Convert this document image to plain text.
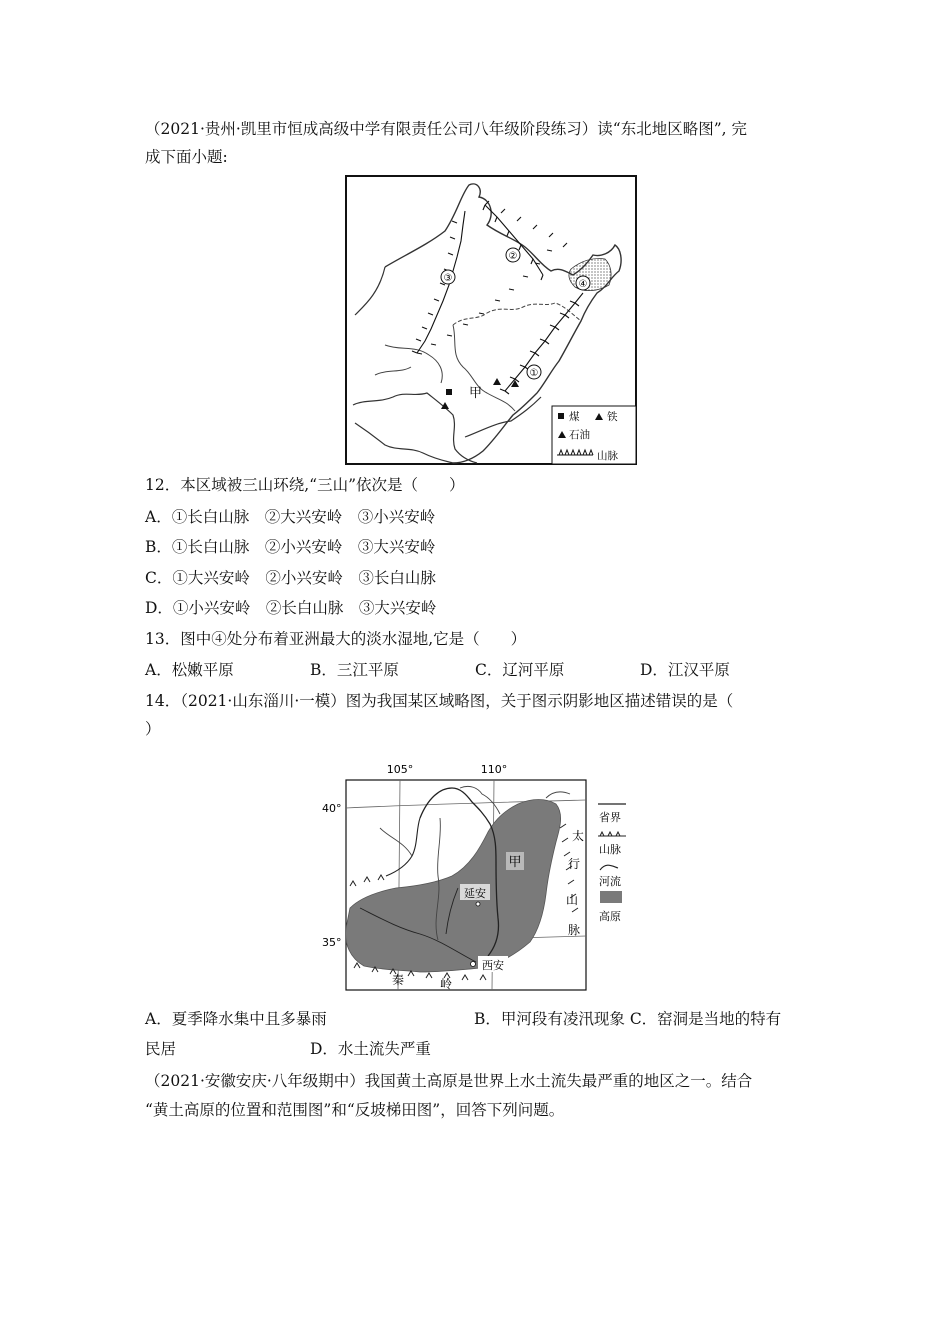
（2021·贵州·凯里市恒成高级中学有限责任公司八年级阶段练习）读“东北地区略图”, 完
成下面小题:
③
②
④
①
甲
煤	铁
石油
山脉
12．本区域被三山环绕,“三山”依次是（　　）
A．①长白山脉　②大兴安岭　③小兴安岭
B．①长白山脉　②小兴安岭　③大兴安岭
C．①大兴安岭　②小兴安岭　③长白山脉
D．①小兴安岭　②长白山脉　③大兴安岭
13．图中④处分布着亚洲最大的淡水湿地,它是（　　）
A．松嫩平原	B．三江平原	C．辽河平原	D．江汉平原
14．（2021·山东淄川·一模）图为我国某区域略图，关于图示阴影地区描述错误的是（
）
105°	110°
40°
35°
甲
延安
西安
太
行
山
脉
秦	岭
省界
山脉
河流
高原
A．夏季降水集中且多暴雨	B．甲河段有凌汛现象 C．窑洞是当地的特有
民居	D．水土流失严重
（2021·安徽安庆·八年级期中）我国黄土高原是世界上水土流失最严重的地区之一。结合
“黄土高原的位置和范围图”和“反坡梯田图”，回答下列问题。
